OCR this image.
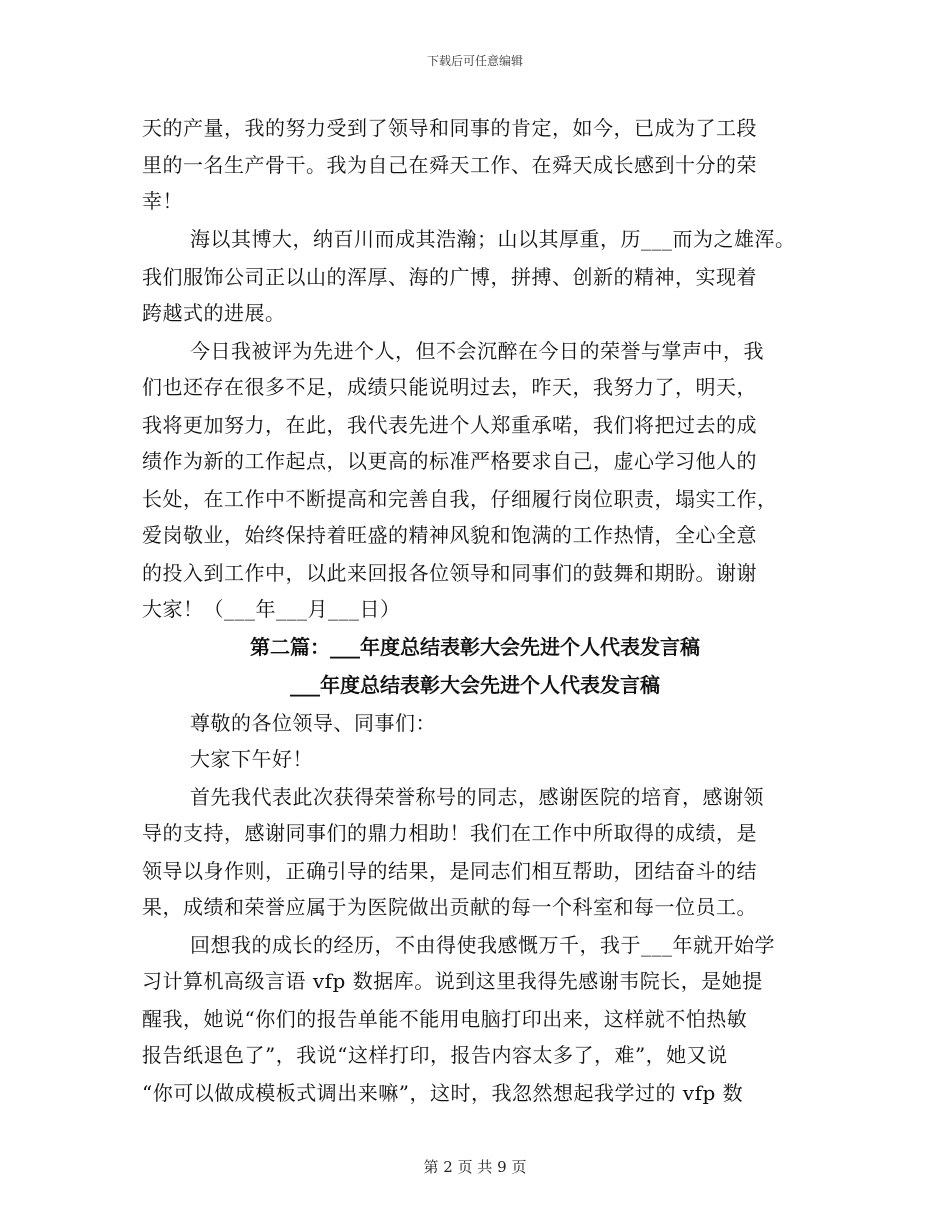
下载后可任意编辑
天的产量，我的努力受到了领导和同事的肯定，如今，已成为了工段
里的一名生产骨干。我为自己在舜天工作、在舜天成长感到十分的荣
幸！
海以其博大，纳百川而成其浩瀚；山以其厚重，历___而为之雄浑。
我们服饰公司正以山的浑厚、海的广博，拼搏、创新的精神，实现着
跨越式的进展。
今日我被评为先进个人，但不会沉醉在今日的荣誉与掌声中，我
们也还存在很多不足，成绩只能说明过去，昨天，我努力了，明天，
我将更加努力，在此，我代表先进个人郑重承喏，我们将把过去的成
绩作为新的工作起点，以更高的标准严格要求自己，虚心学习他人的
长处，在工作中不断提高和完善自我，仔细履行岗位职责，塌实工作，
爱岗敬业，始终保持着旺盛的精神风貌和饱满的工作热情，全心全意
的投入到工作中，以此来回报各位领导和同事们的鼓舞和期盼。谢谢
大家！（___年___月___日）
第二篇：___年度总结表彰大会先进个人代表发言稿
___年度总结表彰大会先进个人代表发言稿
尊敬的各位领导、同事们：
大家下午好！
首先我代表此次获得荣誉称号的同志，感谢医院的培育，感谢领
导的支持，感谢同事们的鼎力相助！我们在工作中所取得的成绩，是
领导以身作则，正确引导的结果，是同志们相互帮助，团结奋斗的结
果，成绩和荣誉应属于为医院做出贡献的每一个科室和每一位员工。
回想我的成长的经历，不由得使我感慨万千，我于___年就开始学
习计算机高级言语 vfp 数据库。说到这里我得先感谢韦院长，是她提
醒我，她说“你们的报告单能不能用电脑打印出来，这样就不怕热敏
报告纸退色了”，我说“这样打印，报告内容太多了，难”，她又说
“你可以做成模板式调出来嘛”，这时，我忽然想起我学过的 vfp 数
第 2 页 共 9 页
